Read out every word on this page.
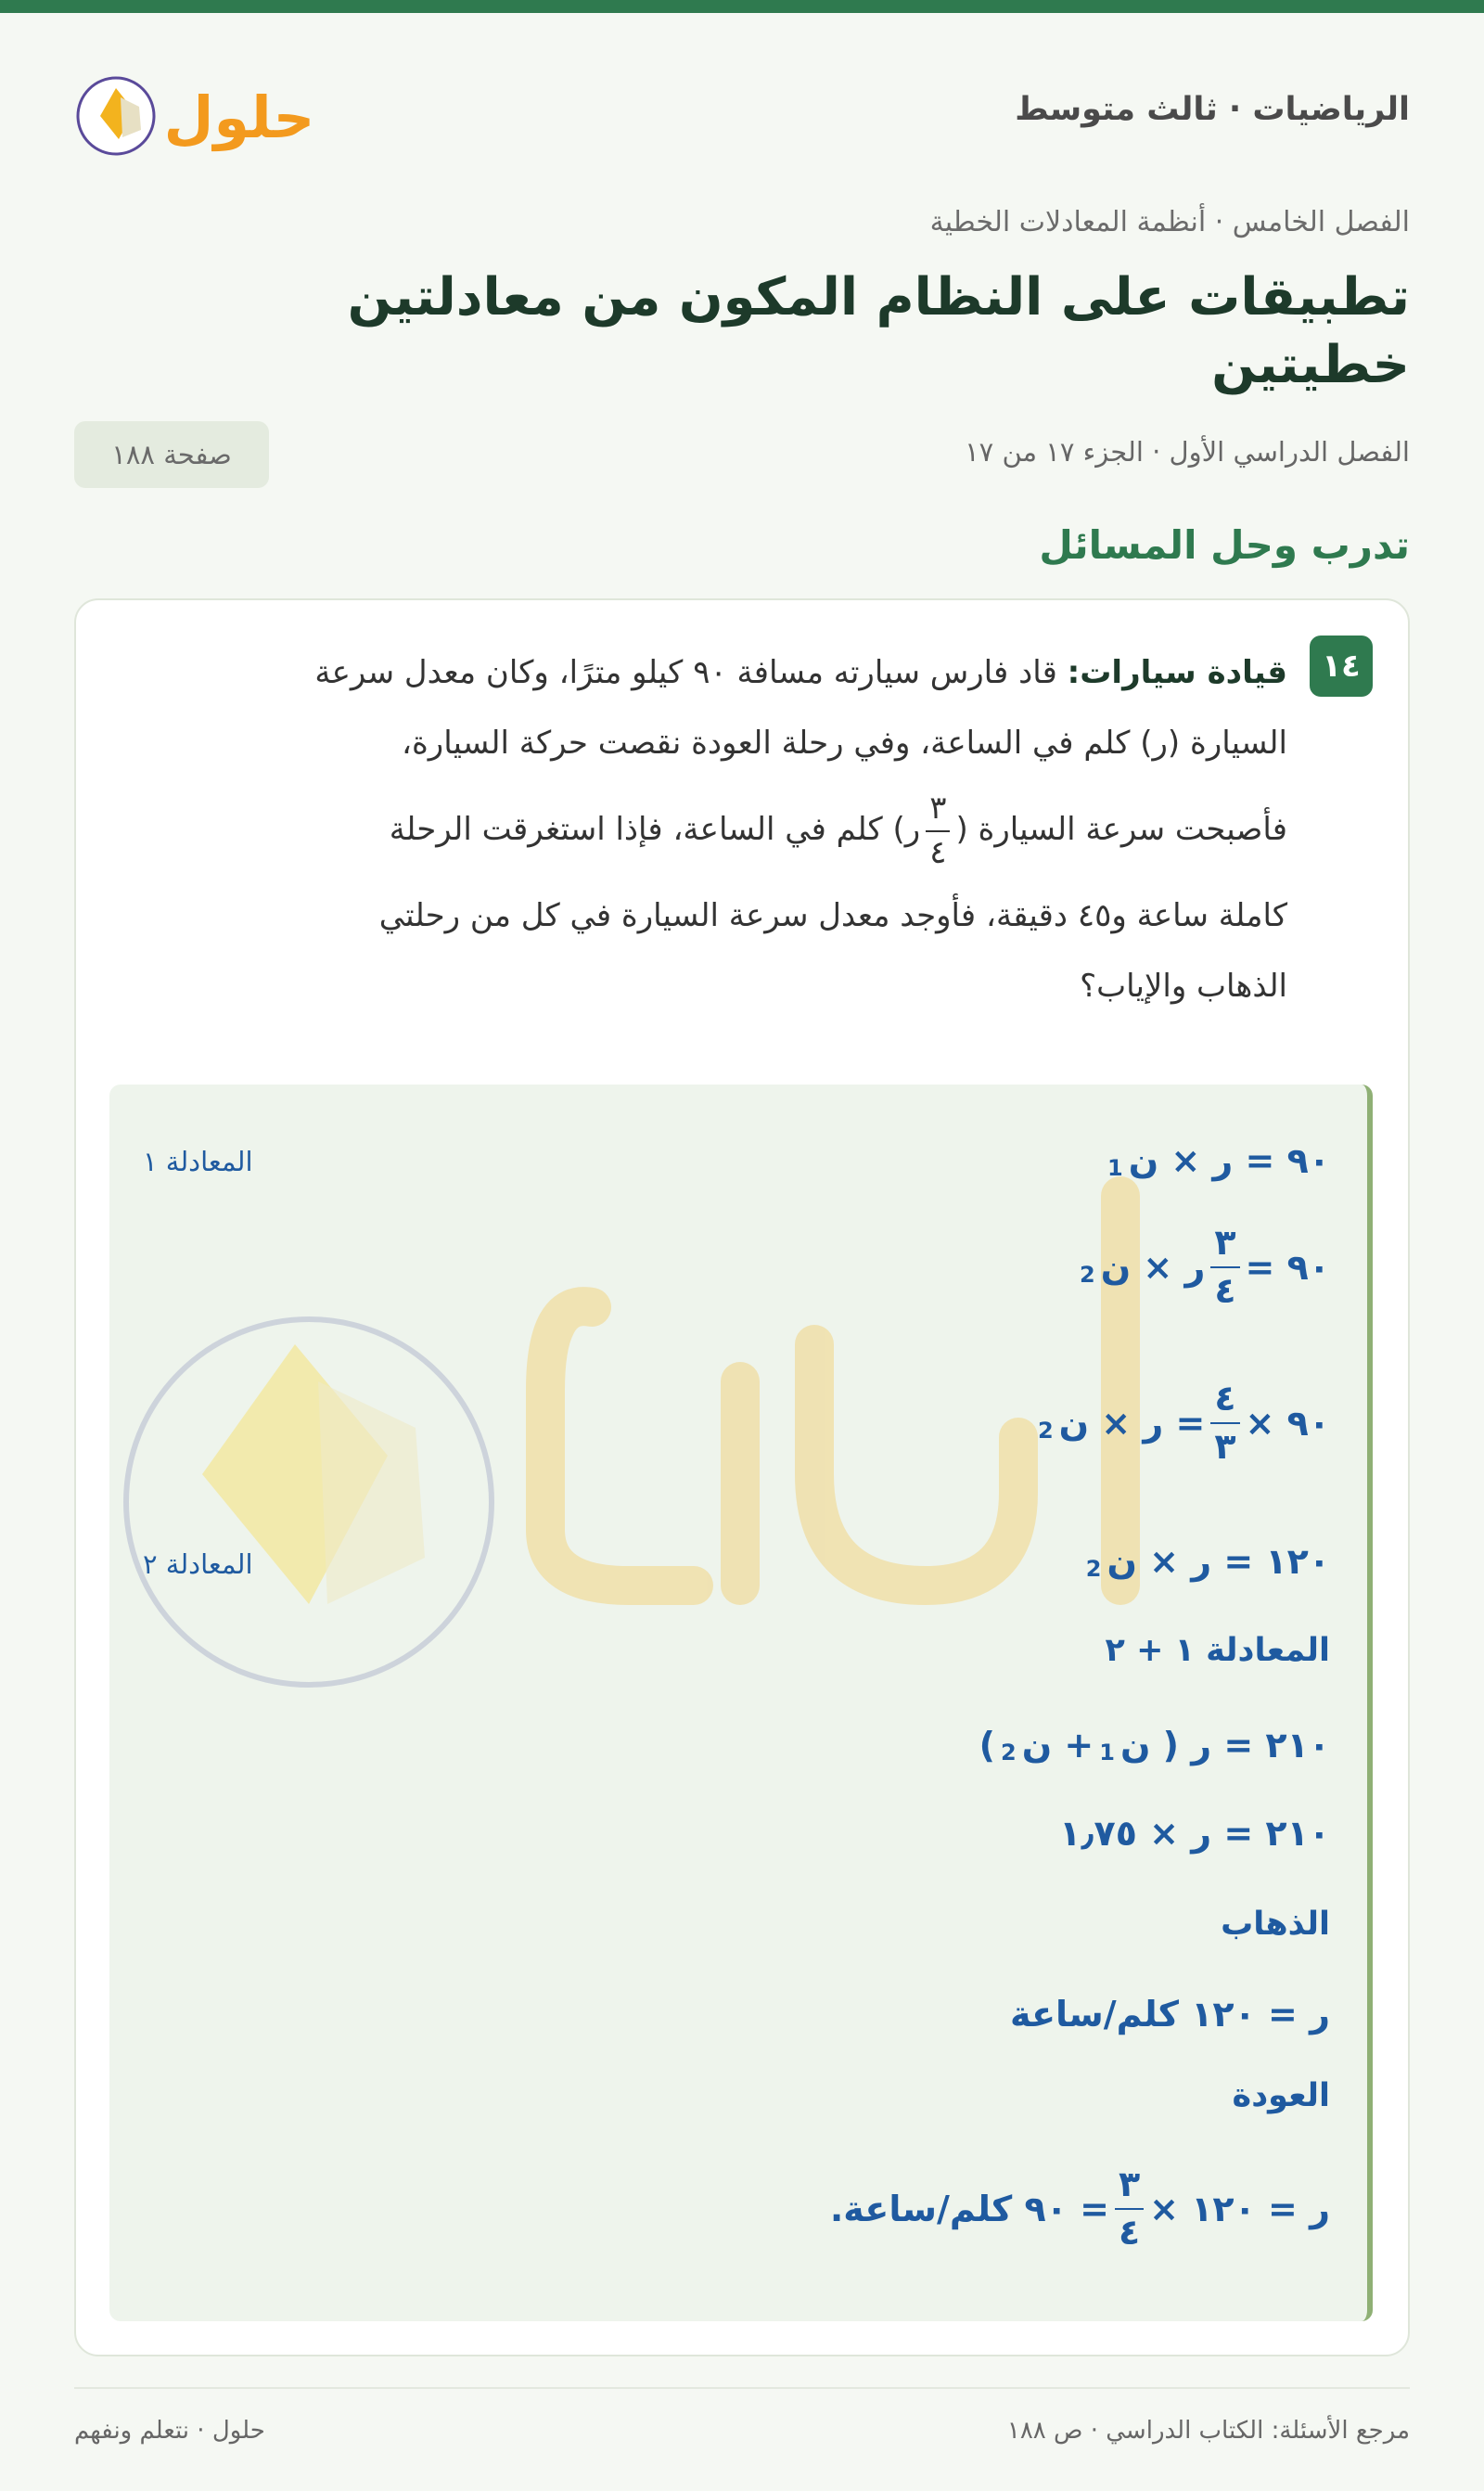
الرياضيات · ثالث متوسط
حلول
الفصل الخامس · أنظمة المعادلات الخطية
تطبيقات على النظام المكون من معادلتين خطيتين
الفصل الدراسي الأول · الجزء ١٧ من ١٧
صفحة ١٨٨
تدرب وحل المسائل
١٤
قيادة سيارات: قاد فارس سيارته مسافة ٩٠ كيلو مترًا، وكان معدل سرعة
السيارة (ر) كلم في الساعة، وفي رحلة العودة نقصت حركة السيارة،
فأصبحت سرعة السيارة (
$\frac{٣}{٤}$
ر) كلم في الساعة، فإذا استغرقت الرحلة
كاملة ساعة و٤٥ دقيقة، فأوجد معدل سرعة السيارة في كل من رحلتي
الذهاب والإياب؟
المعادلة ١
المعادلة ٢
٩٠ = ر × ن
1
٩٠ =
$\frac{٣}{٤}$
ر × ن
2
٩٠ ×
$\frac{٤}{٣}$
= ر × ن
2
١٢٠ = ر × ن
2
المعادلة ١ + ٢
٢١٠ = ر ( ن
1
+ ن
2
)
٢١٠ = ر × ١٫٧٥
الذهاب
ر = ١٢٠ كلم/ساعة
العودة
ر = ١٢٠ ×
$\frac{٣}{٤}$
= ٩٠ كلم/ساعة.
مرجع الأسئلة: الكتاب الدراسي · ص ١٨٨
حلول · نتعلم ونفهم
